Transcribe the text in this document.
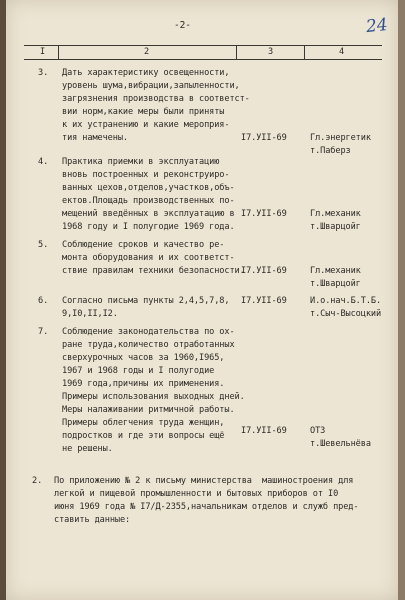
-2-	24
I	2	3	4
3. Дать характеристику освещенности,
уровень шума,вибрации,запыленности,
загрязнения производства в соответст-
вии норм,какие меры были приняты
к их устранению и какие мероприя-
тия намечены.	I7.УII-69	Гл.энергетик
т.Паберз
4. Практика приемки в эксплуатацию
вновь построенных и реконструиро-
ванных цехов,отделов,участков,объ-
ектов.Площадь производственных по-
мещений введённых в эксплуатацию в
1968 году и I полугодие 1969 года.
I7.УII-69	Гл.механик
т.Шварцойг
5. Соблюдение сроков и качество ре-
монта оборудования и их соответст-
ствие правилам техники безопасности.
I7.УII-69	Гл.механик
т.Шварцойг
6. Согласно письма пункты 2,4,5,7,8,
9,I0,II,I2.
I7.УII-69	И.о.нач.Б.Т.Б.
т.Сыч-Высоцкий
7. Соблюдение законодательства по ох-
ране труда,количество отработанных
сверхурочных часов за 1960,I965,
1967 и 1968 годы и I полугодие
1969 года,причины их применения.
Примеры использования выходных дней.
Меры налаживании ритмичной работы.
Примеры облегчения труда женщин,
подростков и где эти вопросы ещё
не решены.
I7.УII-69	ОТЗ
т.Шевельнёва
2. По приложению № 2 к письму министерства  машиностроения для
легкой и пищевой промышленности и бытовых приборов от I0
июня 1969 года № I7/Д-2355,начальникам отделов и служб пред-
ставить данные:
